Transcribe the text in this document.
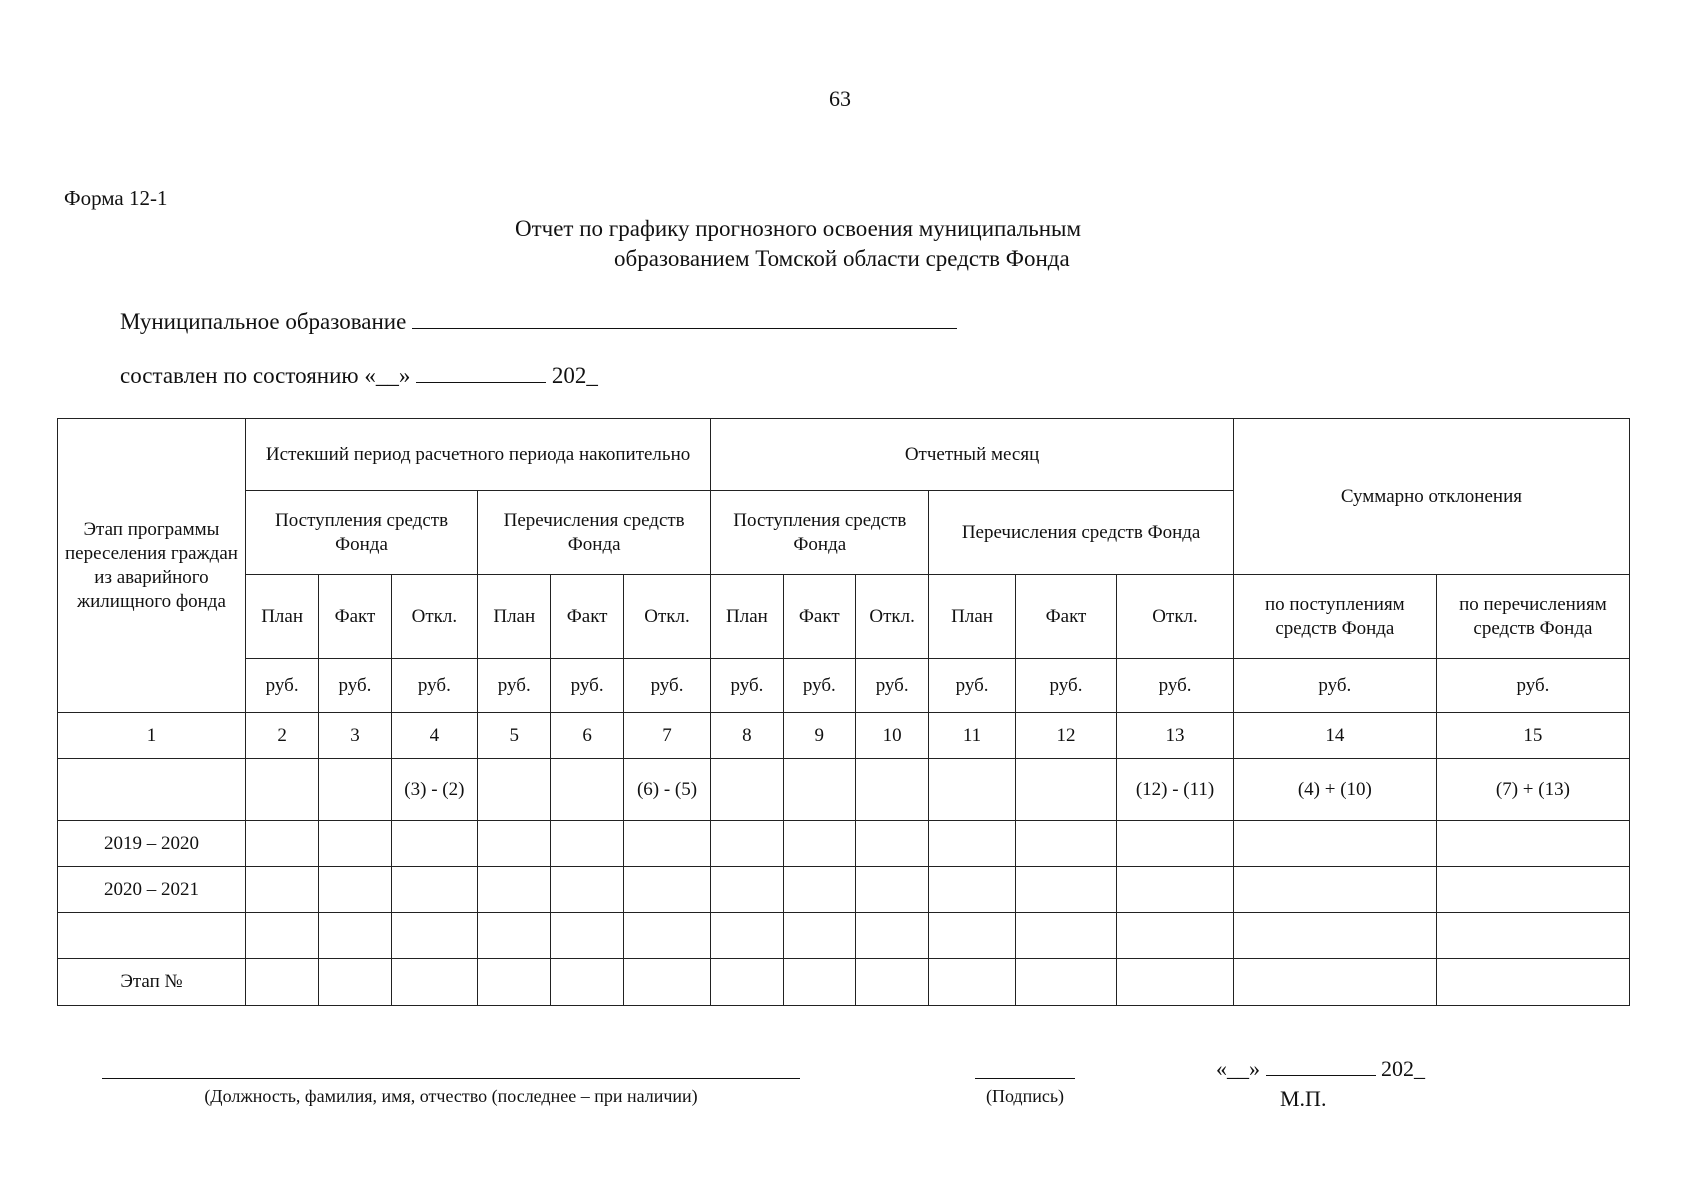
63
Форма 12-1
Отчет по графику прогнозного освоения муниципальным
образованием Томской области средств Фонда
Муниципальное образование
составлен по состоянию «__»	202_
Этап программы переселения граждан из аварийного жилищного фонда	Истекший период расчетного периода накопительно						Отчетный месяц						Суммарно отклонения	
	Поступления средств Фонда			Перечисления средств Фонда			Поступления средств Фонда			Перечисления средств Фонда				
	План	Факт	Откл.	План	Факт	Откл.	План	Факт	Откл.	План	Факт	Откл.	по поступлениям средств Фонда	по перечислениям средств Фонда
	руб.	руб.	руб.	руб.	руб.	руб.	руб.	руб.	руб.	руб.	руб.	руб.	руб.	руб.
1	2	3	4	5	6	7	8	9	10	11	12	13	14	15
			(3) - (2)			(6) - (5)						(12) - (11)	(4) + (10)	(7) + (13)
2019 – 2020														
2020 – 2021														

Этап №														
(Должность, фамилия, имя, отчество (последнее – при наличии)	(Подпись)
«__»	202_
М.П.
